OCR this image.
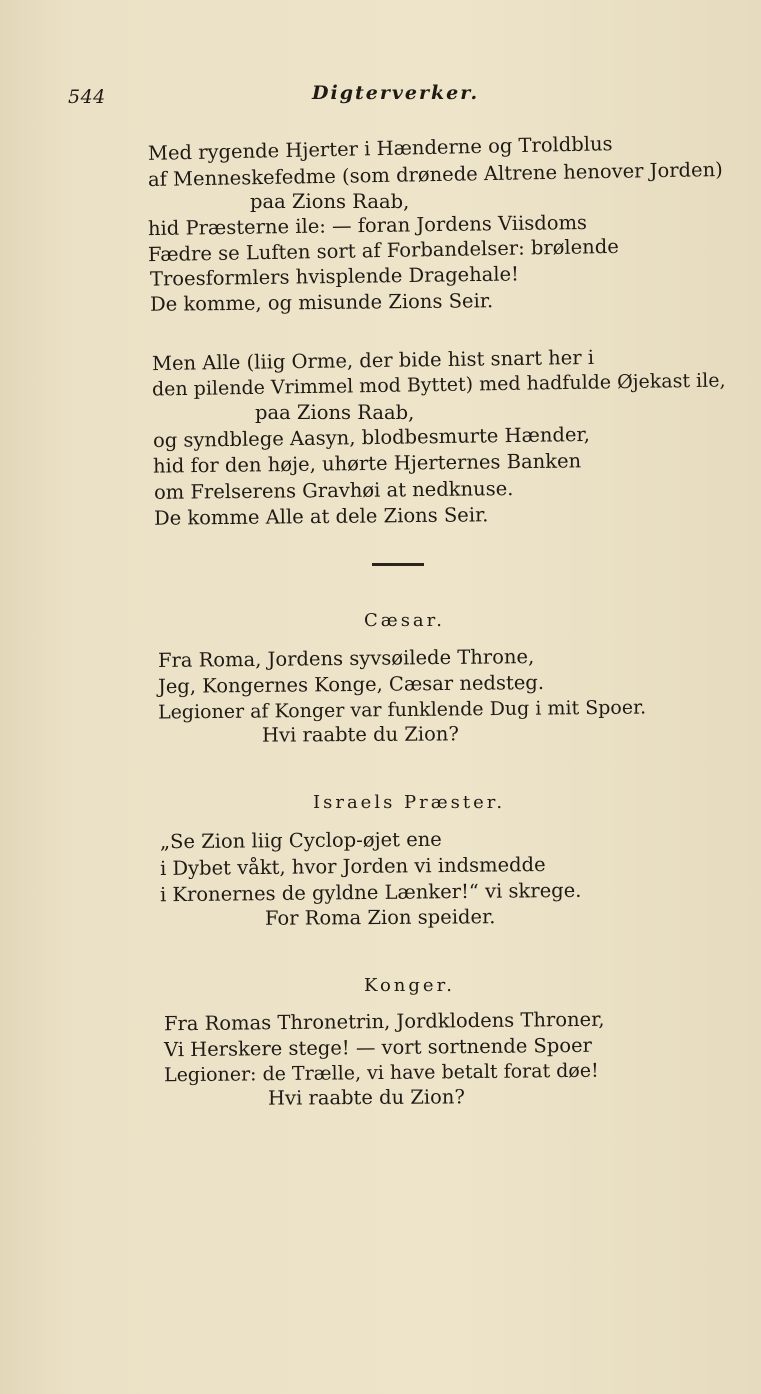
544	Digterverker.
Med rygende Hjerter i Hænderne og Troldblus
af Menneskefedme (som drønede Altrene henover Jorden)
paa Zions Raab,
hid Præsterne ile: — foran Jordens Viisdoms
Fædre se Luften sort af Forbandelser: brølende
Troesformlers hvisplende Dragehale!
De komme, og misunde Zions Seir.
Men Alle (liig Orme, der bide hist snart her i
den pilende Vrimmel mod Byttet) med hadfulde Øjekast ile,
paa Zions Raab,
og syndblege Aasyn, blodbesmurte Hænder,
hid for den høje, uhørte Hjerternes Banken
om Frelserens Gravhøi at nedknuse.
De komme Alle at dele Zions Seir.
Cæsar.
Fra Roma, Jordens syvsøilede Throne,
Jeg, Kongernes Konge, Cæsar nedsteg.
Legioner af Konger var funklende Dug i mit Spoer.
Hvi raabte du Zion?
Israels Præster.
„Se Zion liig Cyclop-øjet ene
i Dybet våkt, hvor Jorden vi indsmedde
i Kronernes de gyldne Lænker!“ vi skrege.
For Roma Zion speider.
Konger.
Fra Romas Thronetrin, Jordklodens Throner,
Vi Herskere stege! — vort sortnende Spoer
Legioner: de Trælle, vi have betalt forat døe!
Hvi raabte du Zion?
